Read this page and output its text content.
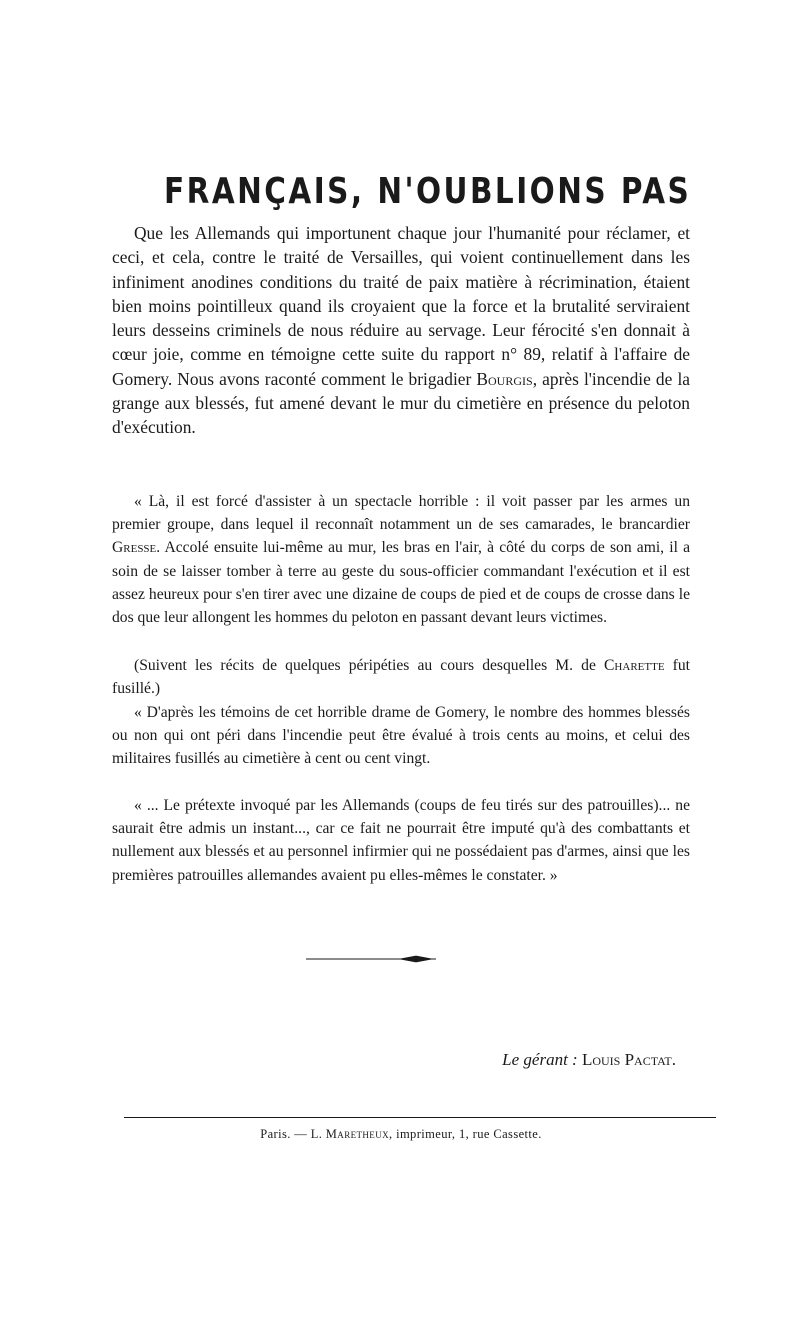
FRANÇAIS, N'OUBLIONS PAS

Que les Allemands qui importunent chaque jour l'humanité pour réclamer, et ceci, et cela, contre le traité de Versailles, qui voient continuellement dans les infiniment anodines conditions du traité de paix matière à récrimination, étaient bien moins pointilleux quand ils croyaient que la force et la brutalité serviraient leurs desseins criminels de nous réduire au servage. Leur férocité s'en donnait à cœur joie, comme en témoigne cette suite du rapport n° 89, relatif à l'affaire de Gomery. Nous avons raconté comment le brigadier Bourgis, après l'incendie de la grange aux blessés, fut amené devant le mur du cimetière en présence du peloton d'exécution.

« Là, il est forcé d'assister à un spectacle horrible : il voit passer par les armes un premier groupe, dans lequel il reconnaît notamment un de ses camarades, le brancardier Gresse. Accolé ensuite lui-même au mur, les bras en l'air, à côté du corps de son ami, il a soin de se laisser tomber à terre au geste du sous-officier commandant l'exécution et il est assez heureux pour s'en tirer avec une dizaine de coups de pied et de coups de crosse dans le dos que leur allongent les hommes du peloton en passant devant leurs victimes.

(Suivent les récits de quelques péripéties au cours desquelles M. de Charette fut fusillé.)

« D'après les témoins de cet horrible drame de Gomery, le nombre des hommes blessés ou non qui ont péri dans l'incendie peut être évalué à trois cents au moins, et celui des militaires fusillés au cimetière à cent ou cent vingt.

« ... Le prétexte invoqué par les Allemands (coups de feu tirés sur des patrouilles)... ne saurait être admis un instant..., car ce fait ne pourrait être imputé qu'à des combattants et nullement aux blessés et au personnel infirmier qui ne possédaient pas d'armes, ainsi que les premières patrouilles allemandes avaient pu elles-mêmes le constater. »

Le gérant : Louis Pactat.
Paris. — L. Maretheux, imprimeur, 1, rue Cassette.
